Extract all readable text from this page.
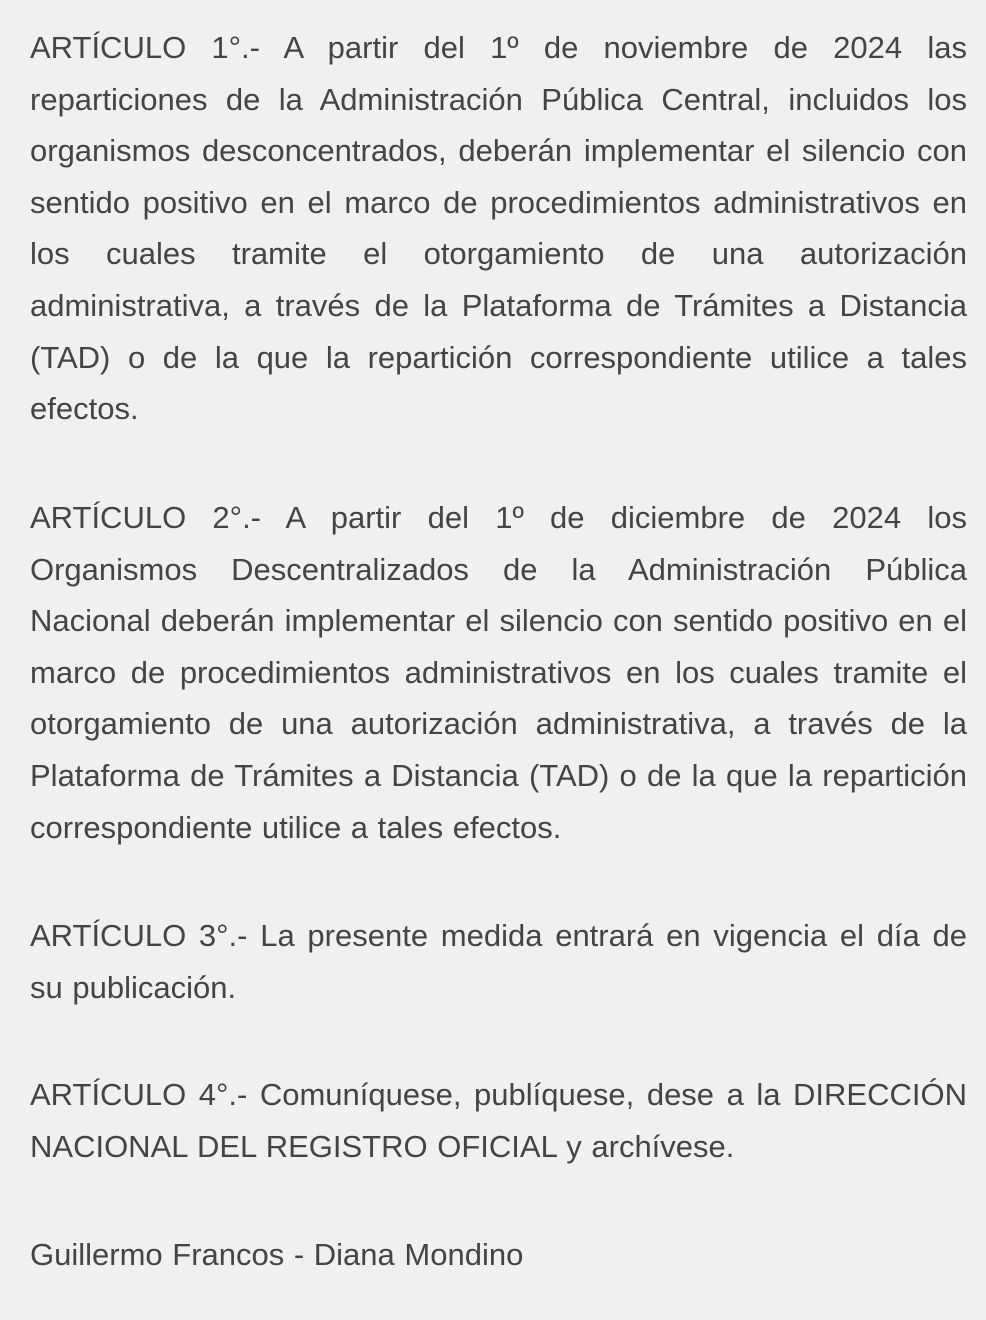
ARTÍCULO 1°.- A partir del 1º de noviembre de 2024 las reparticiones de la Administración Pública Central, incluidos los organismos desconcentrados, deberán implementar el silencio con sentido positivo en el marco de procedimientos administrativos en los cuales tramite el otorgamiento de una autorización administrativa, a través de la Plataforma de Trámites a Distancia (TAD) o de la que la repartición correspondiente utilice a tales efectos.

ARTÍCULO 2°.- A partir del 1º de diciembre de 2024 los Organismos Descentralizados de la Administración Pública Nacional deberán implementar el silencio con sentido positivo en el marco de procedimientos administrativos en los cuales tramite el otorgamiento de una autorización administrativa, a través de la Plataforma de Trámites a Distancia (TAD) o de la que la repartición correspondiente utilice a tales efectos.

ARTÍCULO 3°.- La presente medida entrará en vigencia el día de su publicación.

ARTÍCULO 4°.- Comuníquese, publíquese, dese a la DIRECCIÓN NACIONAL DEL REGISTRO OFICIAL y archívese.

Guillermo Francos - Diana Mondino
